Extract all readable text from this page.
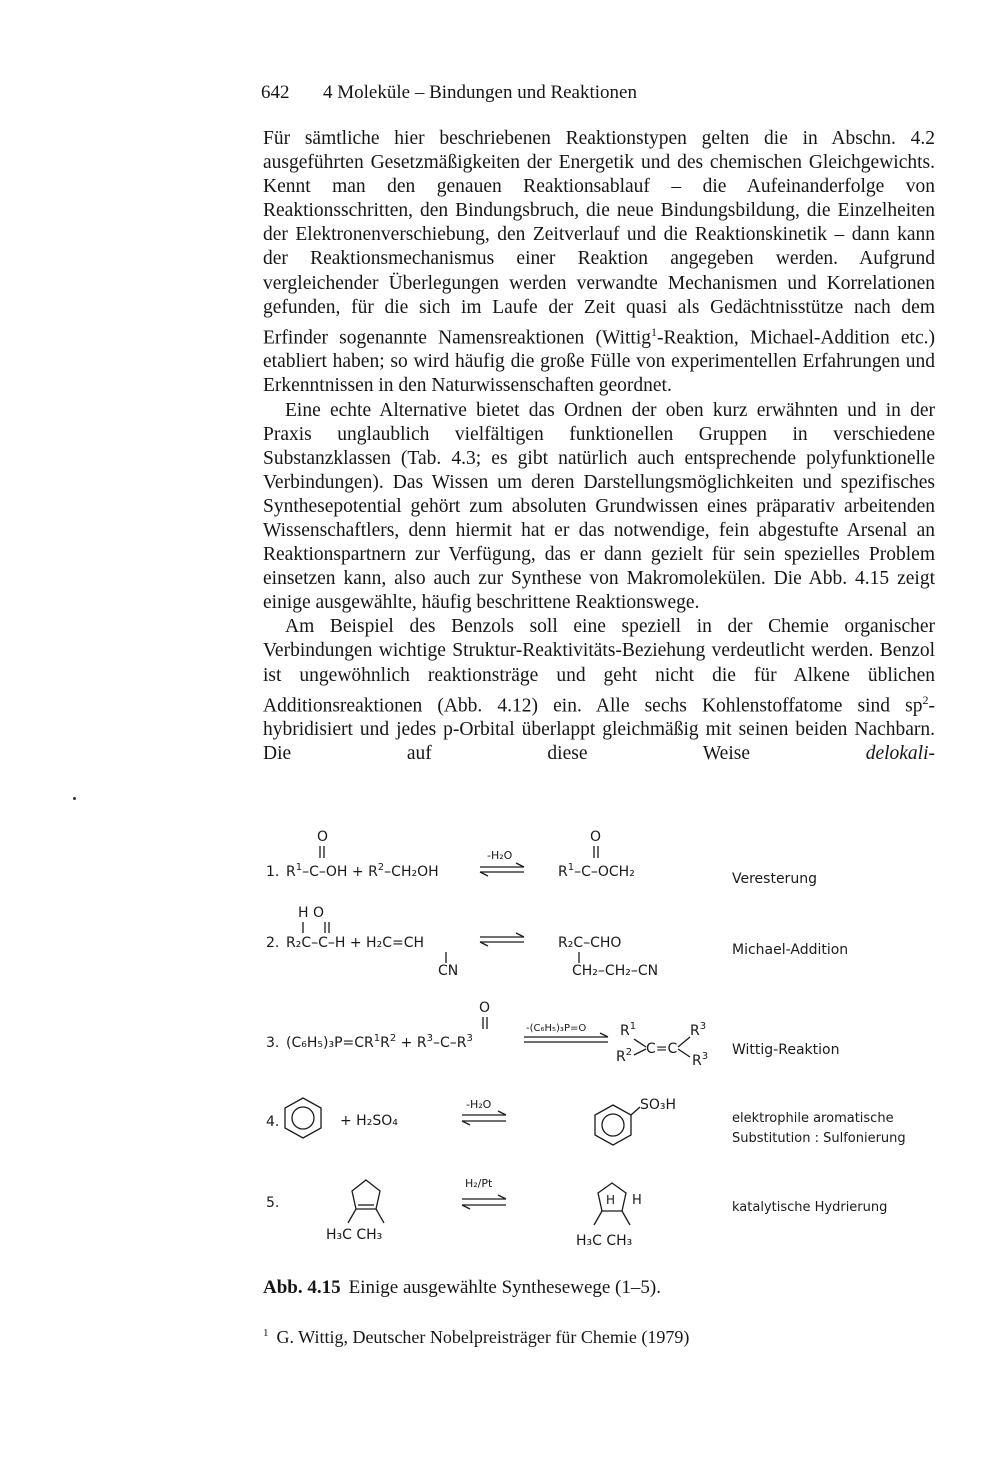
642 4 Moleküle – Bindungen und Reaktionen

Für sämtliche hier beschriebenen Reaktionstypen gelten die in Abschn. 4.2 ausgeführten Gesetzmäßigkeiten der Energetik und des chemischen Gleichgewichts. Kennt man den genauen Reaktionsablauf – die Aufeinanderfolge von Reaktionsschritten, den Bindungsbruch, die neue Bindungsbildung, die Einzelheiten der Elektronenverschiebung, den Zeitverlauf und die Reaktionskinetik – dann kann der Reaktionsmechanismus einer Reaktion angegeben werden. Aufgrund vergleichender Überlegungen werden verwandte Mechanismen und Korrelationen gefunden, für die sich im Laufe der Zeit quasi als Gedächtnisstütze nach dem Erfinder sogenannte Namensreaktionen (Wittig$^1$-Reaktion, Michael-Addition etc.) etabliert haben; so wird häufig die große Fülle von experimentellen Erfahrungen und Erkenntnissen in den Naturwissenschaften geordnet.

Eine echte Alternative bietet das Ordnen der oben kurz erwähnten und in der Praxis unglaublich vielfältigen funktionellen Gruppen in verschiedene Substanzklassen (Tab. 4.3; es gibt natürlich auch entsprechende polyfunktionelle Verbindungen). Das Wissen um deren Darstellungsmöglichkeiten und spezifisches Synthesepotential gehört zum absoluten Grundwissen eines präparativ arbeitenden Wissenschaftlers, denn hiermit hat er das notwendige, fein abgestufte Arsenal an Reaktionspartnern zur Verfügung, das er dann gezielt für sein spezielles Problem einsetzen kann, also auch zur Synthese von Makromolekülen. Die Abb. 4.15 zeigt einige ausgewählte, häufig beschrittene Reaktionswege.

Am Beispiel des Benzols soll eine speziell in der Chemie organischer Verbindungen wichtige Struktur-Reaktivitäts-Beziehung verdeutlicht werden. Benzol ist ungewöhnlich reaktionsträge und geht nicht die für Alkene üblichen Additionsreaktionen (Abb. 4.12) ein. Alle sechs Kohlenstoffatome sind $sp^2$-hybridisiert und jedes p-Orbital überlappt gleichmäßig mit seinen beiden Nachbarn. Die auf diese Weise delokali-

1. $R^1-C-OH + R^2-CH_2OH$
O
-H₂O
$R^1-C$–OCH₂
O
Veresterung
2.
H O
R₂C–C–H + H₂C=CH
CN
R₂C–CHO
CH₂–CH₂–CN
Michael-Addition
3. $(C_6H_5)_3P=CR^1R^2 + R^3-C-R^3$
O
-(C₆H₅)₃P=O $R^1$
$R^2$ C=C
$R^3$
$R^3$ Wittig-Reaktion
4.	+ H₂SO₄
-H₂O	SO₃H
elektrophile aromatische
Substitution : Sulfonierung
5.
H₃C CH₃
H₂/Pt
H H
H₃C CH₃
katalytische Hydrierung
Abb. 4.15 Einige ausgewählte Synthesewege (1–5).
$^1$ G. Wittig, Deutscher Nobelpreisträger für Chemie (1979)
